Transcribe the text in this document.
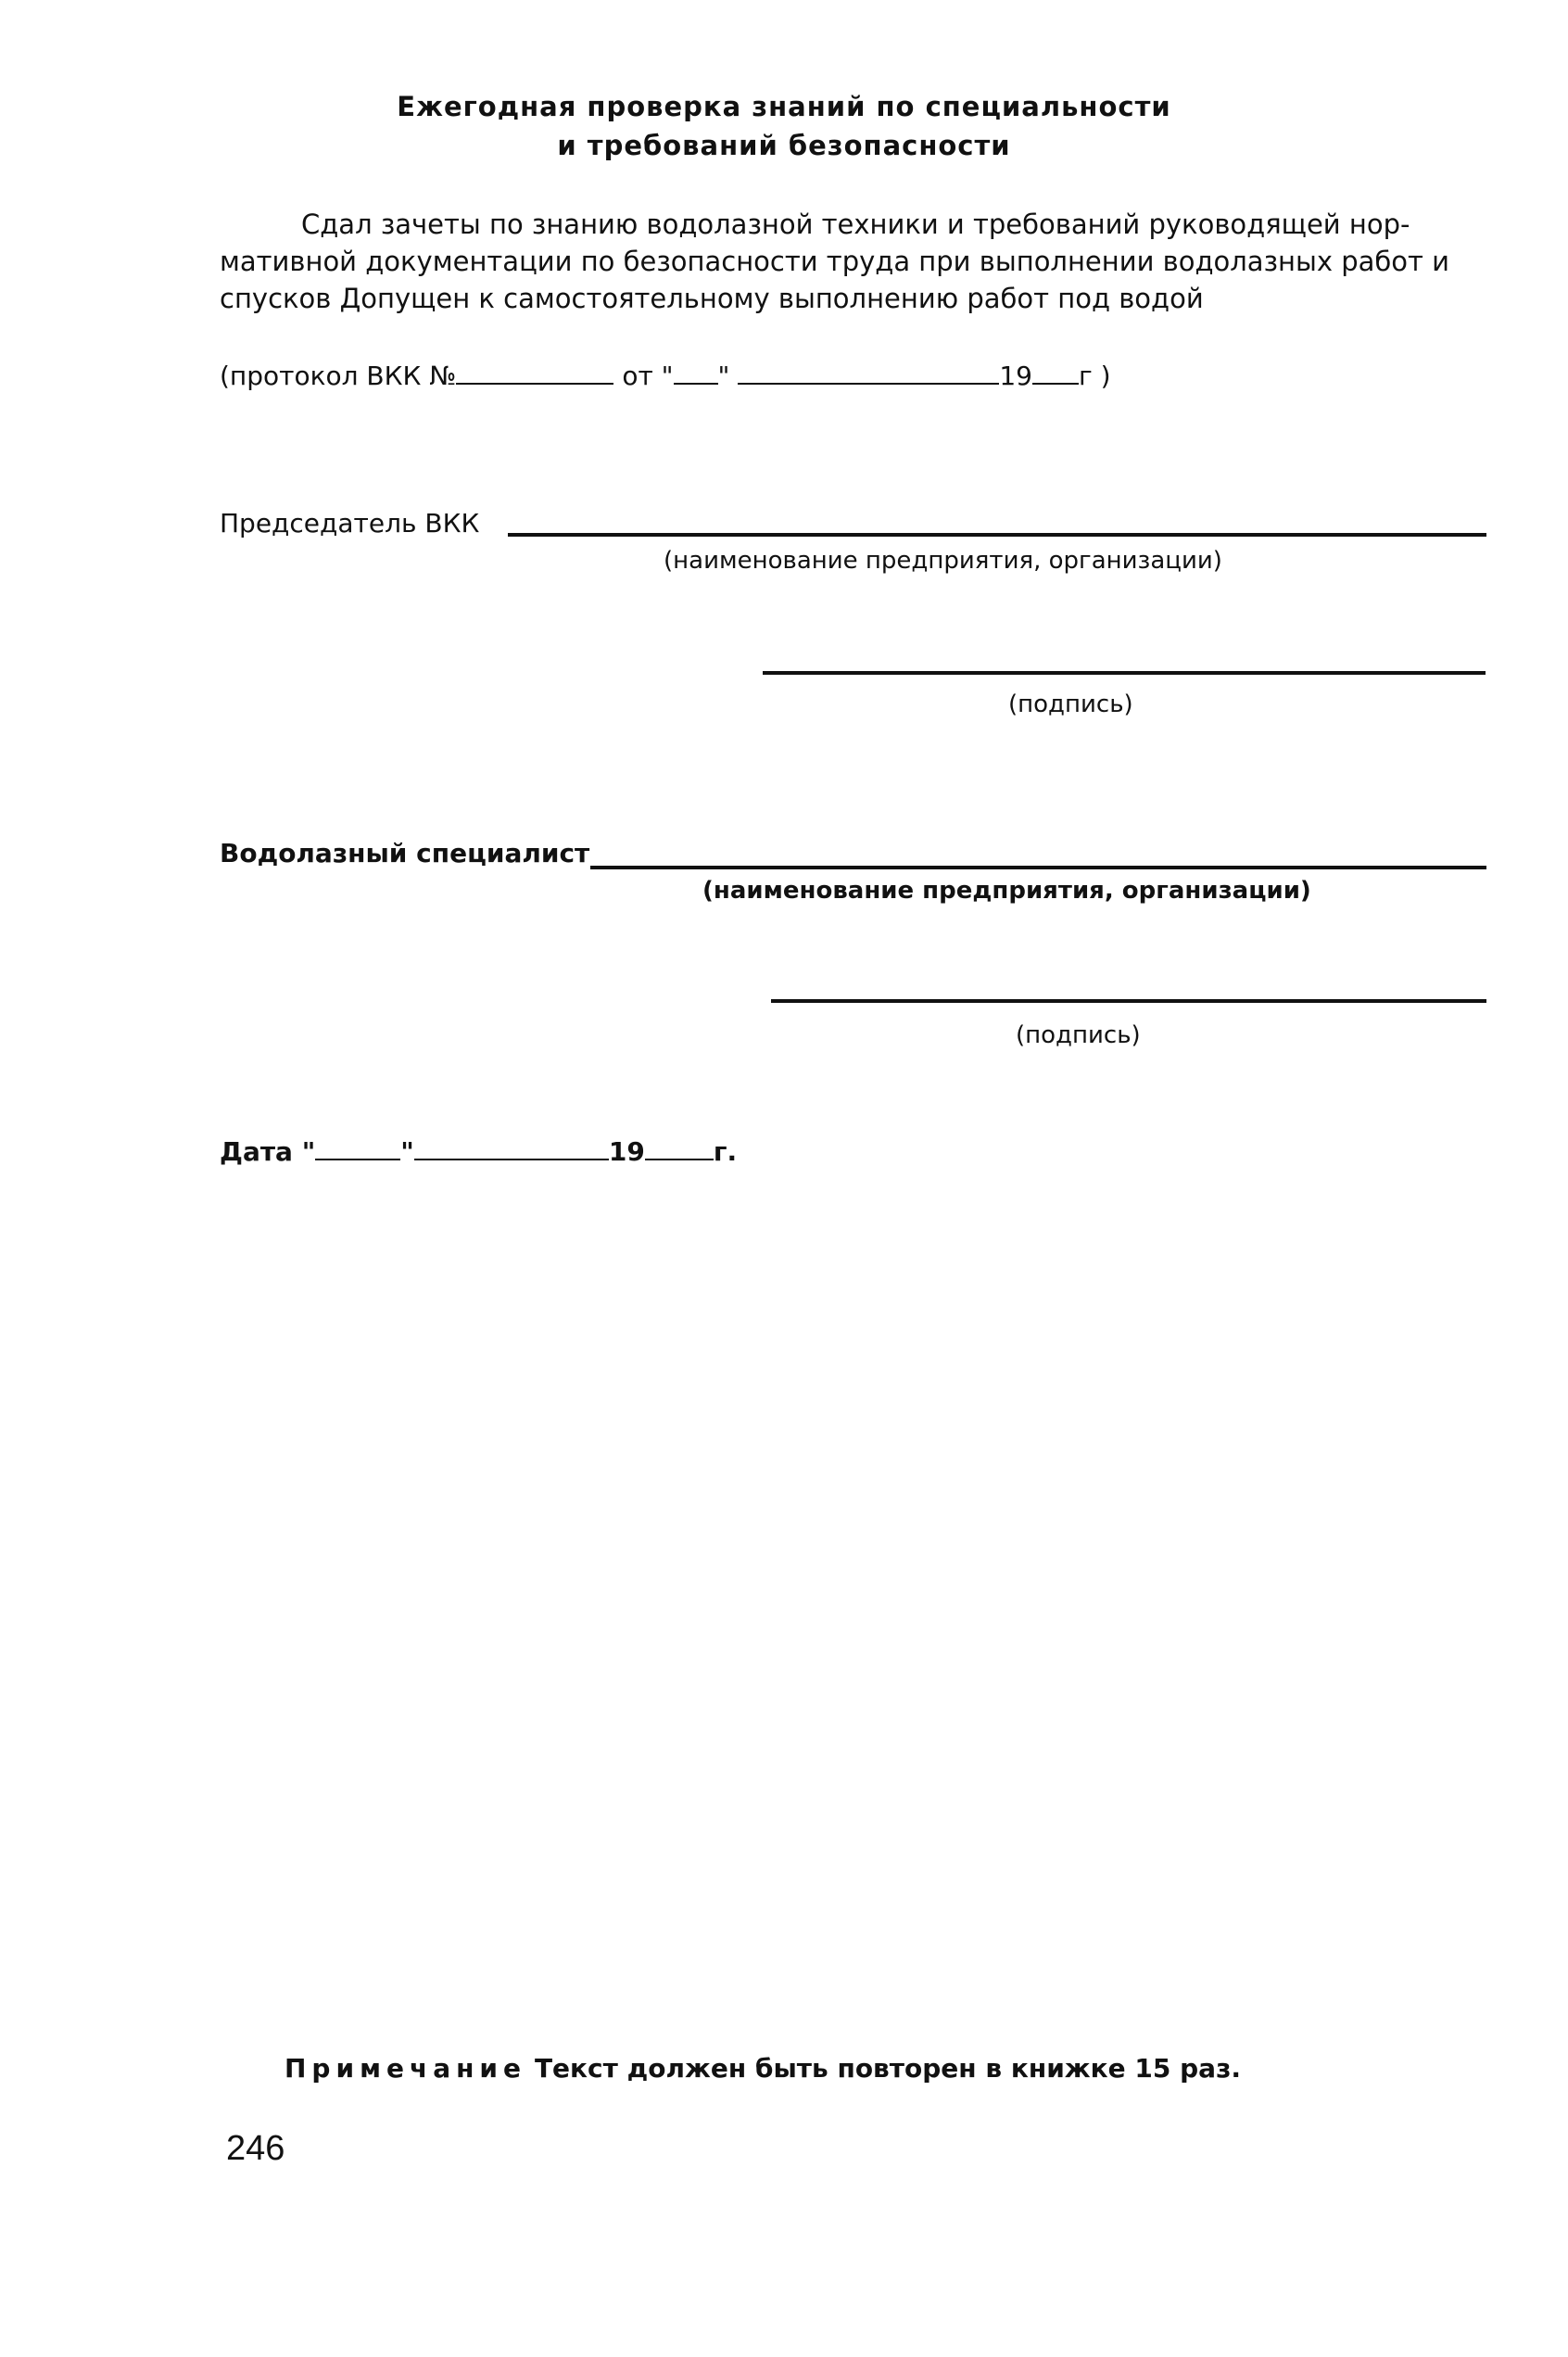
Ежегодная проверка знаний по специальности
и требований безопасности
Сдал зачеты по знанию водолазной техники и требований руководящей нор-
мативной документации по безопасности труда при выполнении водолазных работ и
спусков Допущен к самостоятельному выполнению работ под водой
(протокол ВКК №	от " "	19 г )
Председатель ВКК
(наименование предприятия, организации)
(подпись)
Водолазный специалист
(наименование предприятия, организации)
(подпись)
Дата "	"	19	г.
Примечание Текст должен быть повторен в книжке 15 раз.
246
